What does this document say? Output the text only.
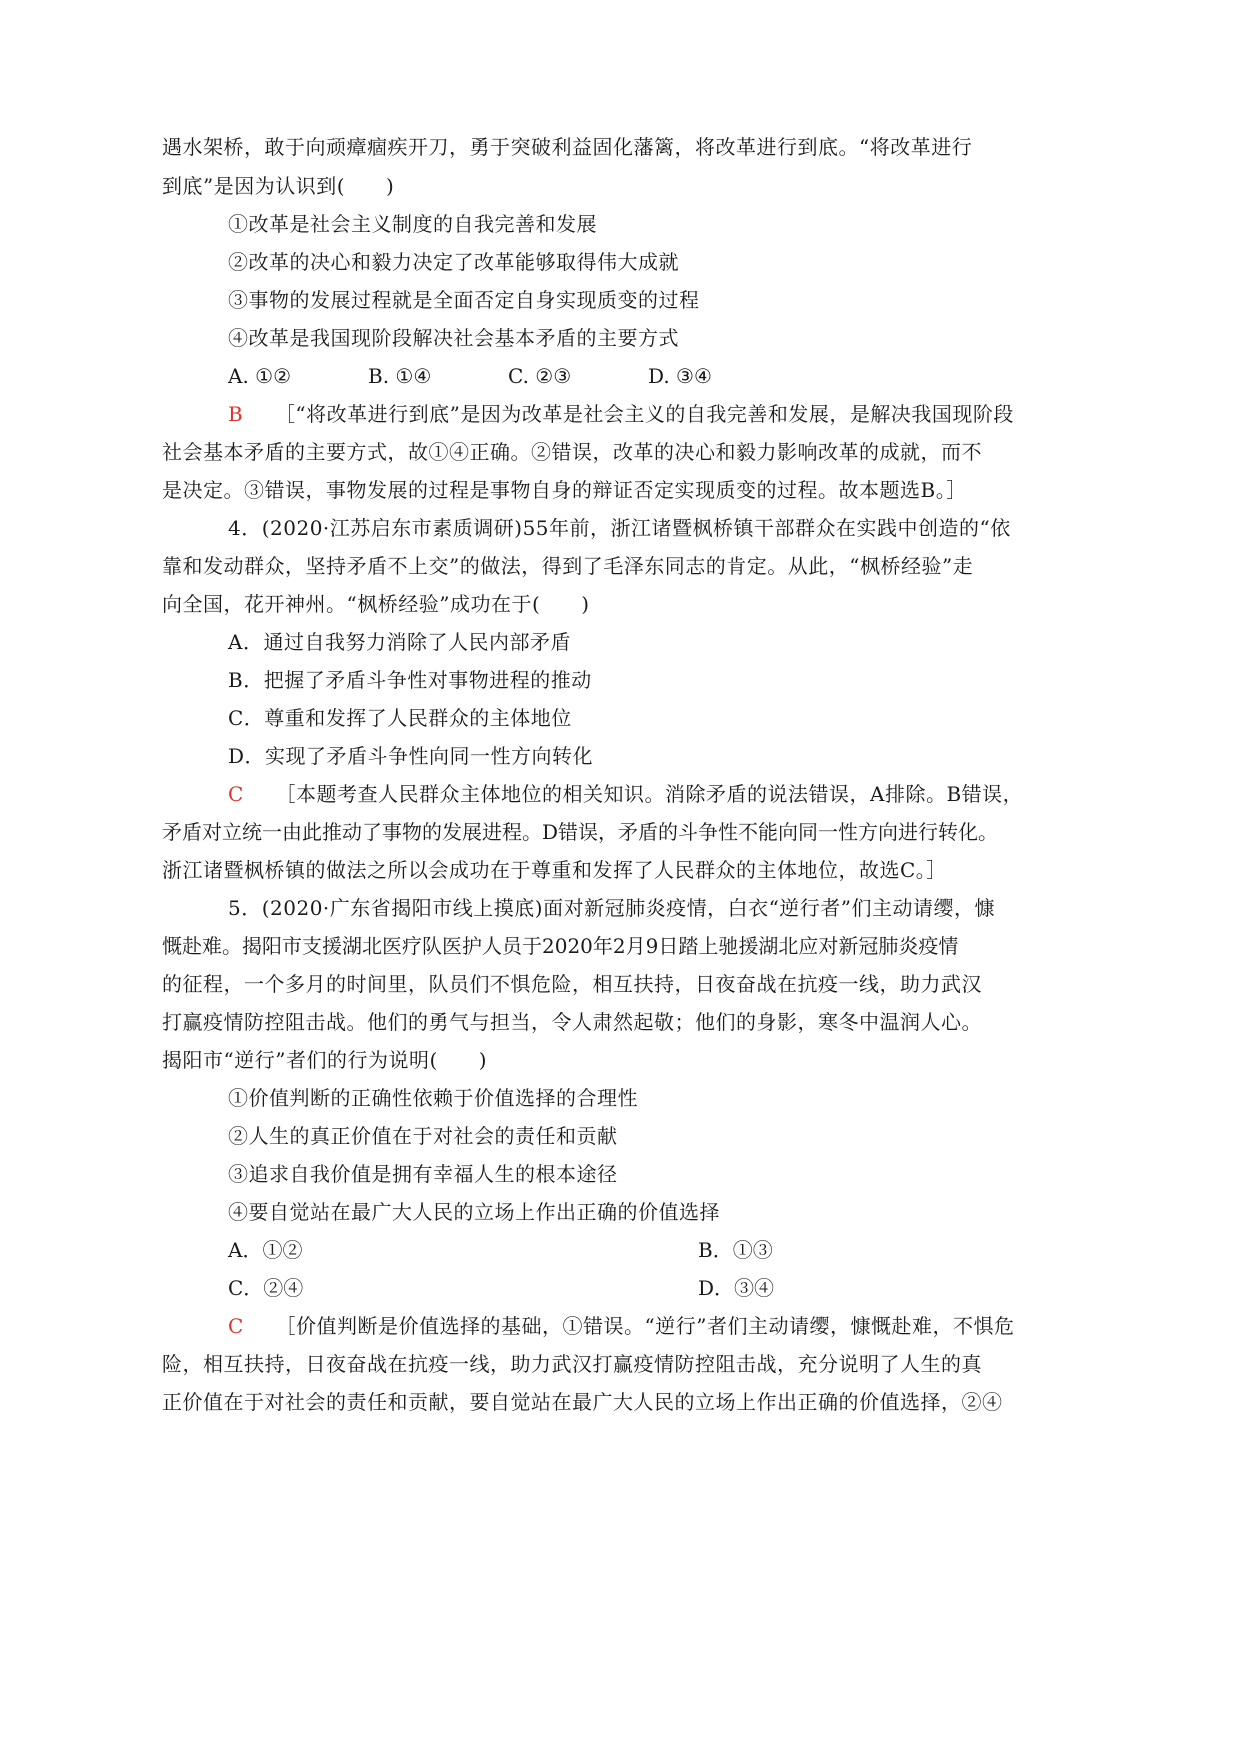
遇水架桥，敢于向顽瘴痼疾开刀，勇于突破利益固化藩篱，将改革进行到底。“将改革进行
到底”是因为认识到(　　)
①改革是社会主义制度的自我完善和发展
②改革的决心和毅力决定了改革能够取得伟大成就
③事物的发展过程就是全面否定自身实现质变的过程
④改革是我国现阶段解决社会基本矛盾的主要方式
A. ①②	B. ①④	C. ②③	D. ③④
B ［“将改革进行到底”是因为改革是社会主义的自我完善和发展，是解决我国现阶段
社会基本矛盾的主要方式，故①④正确。②错误，改革的决心和毅力影响改革的成就，而不
是决定。③错误，事物发展的过程是事物自身的辩证否定实现质变的过程。故本题选B。］
4．(2020·江苏启东市素质调研)55年前，浙江诸暨枫桥镇干部群众在实践中创造的“依
靠和发动群众，坚持矛盾不上交”的做法，得到了毛泽东同志的肯定。从此，“枫桥经验”走
向全国，花开神州。“枫桥经验”成功在于(　　)
A．通过自我努力消除了人民内部矛盾
B．把握了矛盾斗争性对事物进程的推动
C．尊重和发挥了人民群众的主体地位
D．实现了矛盾斗争性向同一性方向转化
C ［本题考查人民群众主体地位的相关知识。消除矛盾的说法错误，A排除。B错误，
矛盾对立统一由此推动了事物的发展进程。D错误，矛盾的斗争性不能向同一性方向进行转化。
浙江诸暨枫桥镇的做法之所以会成功在于尊重和发挥了人民群众的主体地位，故选C。］
5．(2020·广东省揭阳市线上摸底)面对新冠肺炎疫情，白衣“逆行者”们主动请缨，慷
慨赴难。揭阳市支援湖北医疗队医护人员于2020年2月9日踏上驰援湖北应对新冠肺炎疫情
的征程，一个多月的时间里，队员们不惧危险，相互扶持，日夜奋战在抗疫一线，助力武汉
打赢疫情防控阻击战。他们的勇气与担当，令人肃然起敬；他们的身影，寒冬中温润人心。
揭阳市“逆行”者们的行为说明(　　)
①价值判断的正确性依赖于价值选择的合理性
②人生的真正价值在于对社会的责任和贡献
③追求自我价值是拥有幸福人生的根本途径
④要自觉站在最广大人民的立场上作出正确的价值选择
A．①②	B．①③
C．②④	D．③④
C ［价值判断是价值选择的基础，①错误。“逆行”者们主动请缨，慷慨赴难，不惧危
险，相互扶持，日夜奋战在抗疫一线，助力武汉打赢疫情防控阻击战，充分说明了人生的真
正价值在于对社会的责任和贡献，要自觉站在最广大人民的立场上作出正确的价值选择，②④
